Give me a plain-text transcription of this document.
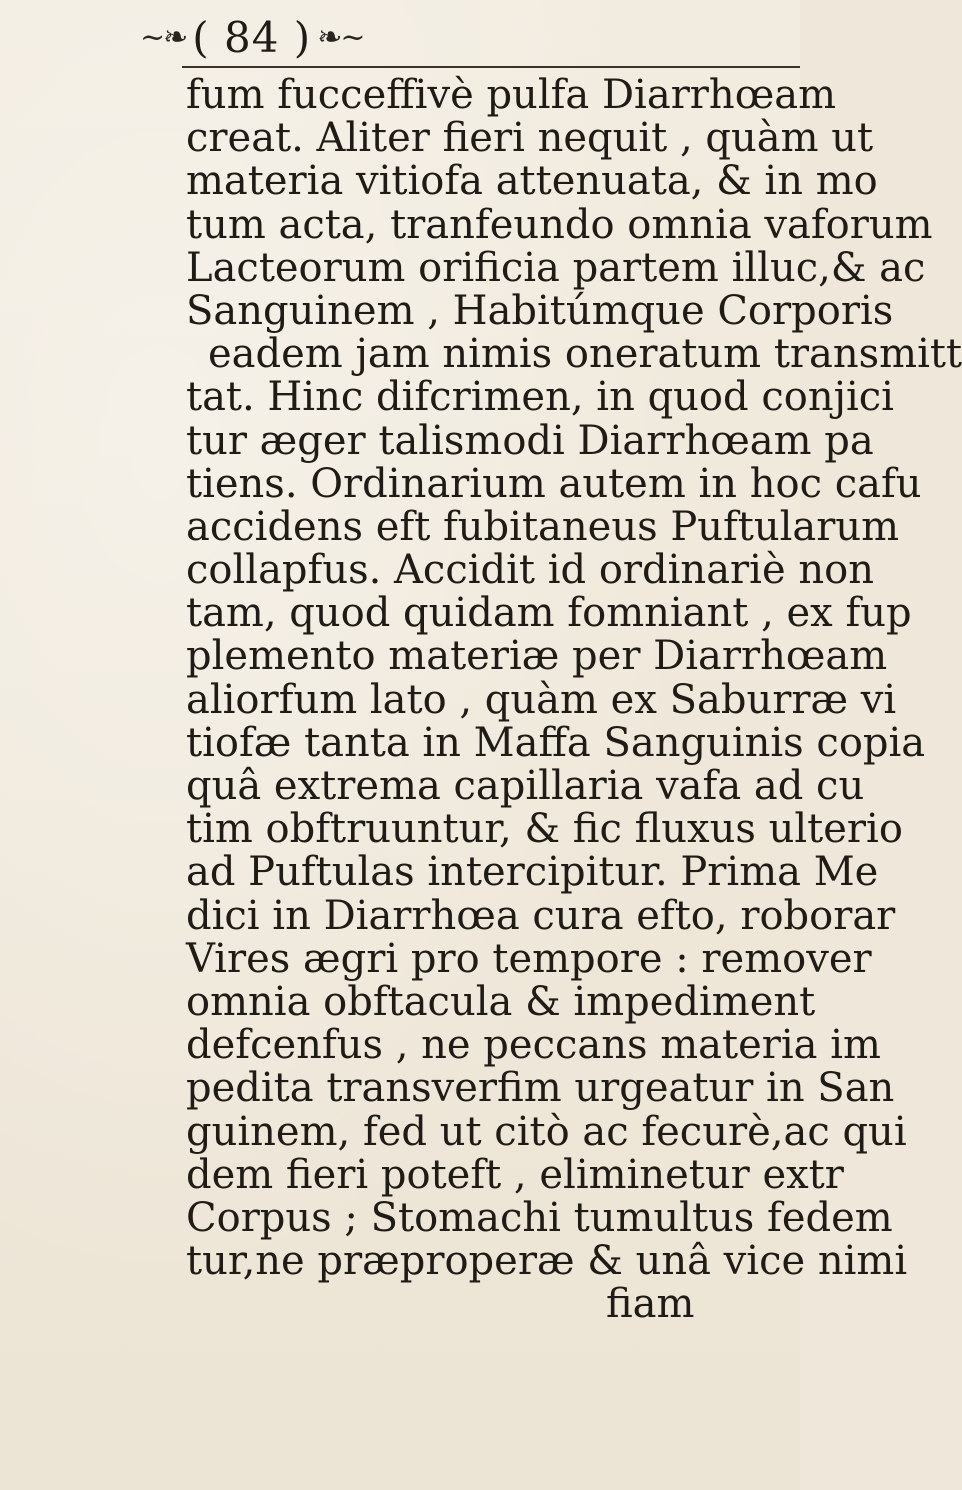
~❧ ( 84 ) ❧~
fum fucceffivè pulfa Diarrhœam
creat. Aliter fieri nequit , quàm ut
materia vitiofa attenuata, & in mo
tum acta, tranfeundo omnia vaforum
Lacteorum orificia partem illuc,& ac
Sanguinem , Habitúmque Corporis
eadem jam nimis oneratum transmitt
tat. Hinc difcrimen, in quod conjici
tur æger talismodi Diarrhœam pa
tiens. Ordinarium autem in hoc cafu
accidens eft fubitaneus Puftularum
collapfus. Accidit id ordinariè non
tam, quod quidam fomniant , ex fup
plemento materiæ per Diarrhœam
aliorfum lato , quàm ex Saburræ vi
tiofæ tanta in Maffa Sanguinis copia
quâ extrema capillaria vafa ad cu
tim obftruuntur, & fic fluxus ulterio
ad Puftulas intercipitur. Prima Me
dici in Diarrhœa cura efto, roborar
Vires ægri pro tempore : remover
omnia obftacula & impediment
defcenfus , ne peccans materia im
pedita transverfim urgeatur in San
guinem, fed ut citò ac fecurè,ac qui
dem fieri poteft , eliminetur extr
Corpus ; Stomachi tumultus fedem
tur,ne præproperæ & unâ vice nimi
fiam
